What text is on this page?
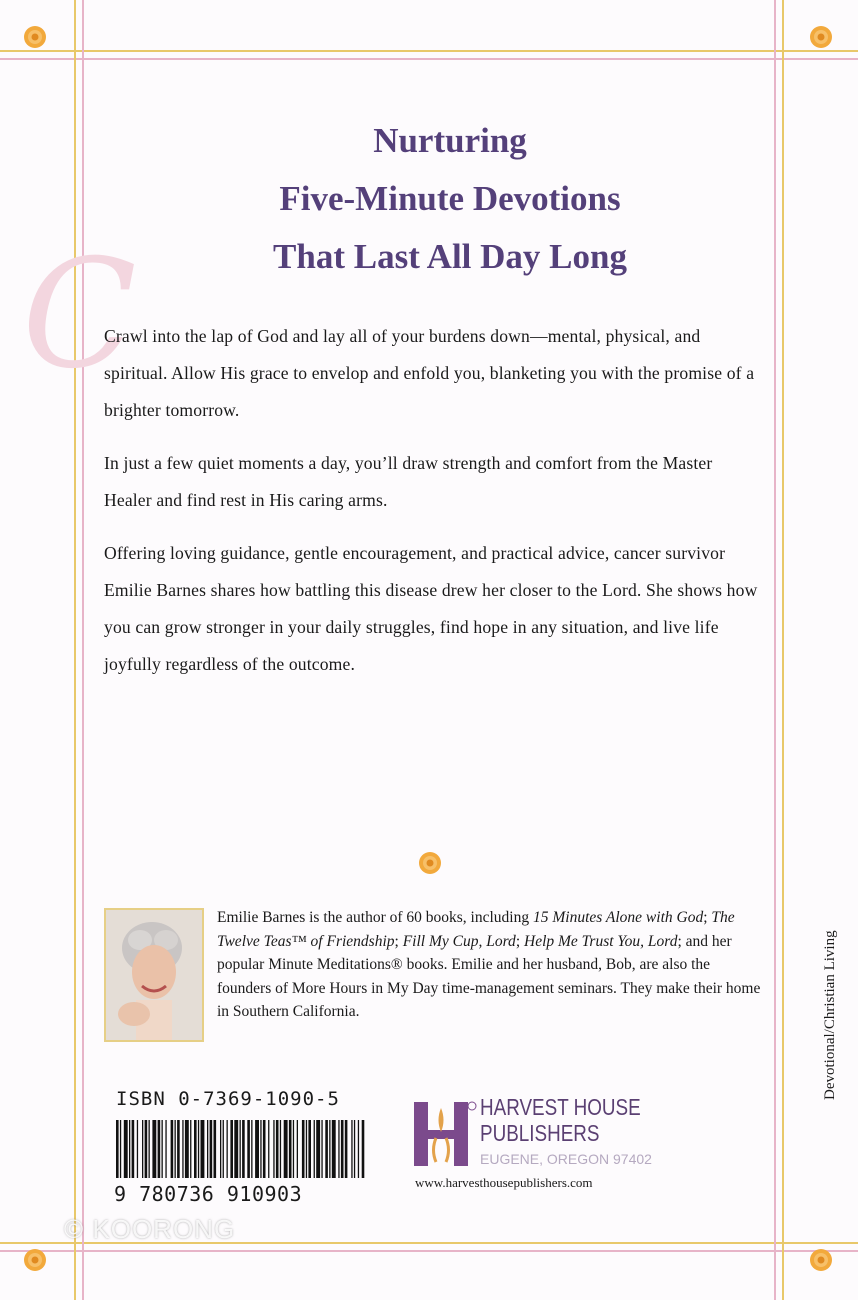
C
Nurturing
Five-Minute Devotions
That Last All Day Long

Crawl into the lap of God and lay all of your burdens down—mental, physical, and spiritual. Allow His grace to envelop and enfold you, blanketing you with the promise of a brighter tomorrow.

In just a few quiet moments a day, you’ll draw strength and comfort from the Master Healer and find rest in His caring arms.

Offering loving guidance, gentle encouragement, and practical advice, cancer survivor Emilie Barnes shares how battling this disease drew her closer to the Lord. She shows how you can grow stronger in your daily struggles, find hope in any situation, and live life joyfully regardless of the outcome.

Emilie Barnes is the author of 60 books, including 15 Minutes Alone with God; The Twelve Teas™ of Friendship; Fill My Cup, Lord; Help Me Trust You, Lord; and her popular Minute Meditations® books. Emilie and her husband, Bob, are also the founders of More Hours in My Day time-management seminars. They make their home in Southern California.
ISBN 0-7369-1090-5
9 780736 910903
HARVEST HOUSE
PUBLISHERS
EUGENE, OREGON 97402
www.harvesthousepublishers.com
Devotional/Christian Living
© KOORONG
